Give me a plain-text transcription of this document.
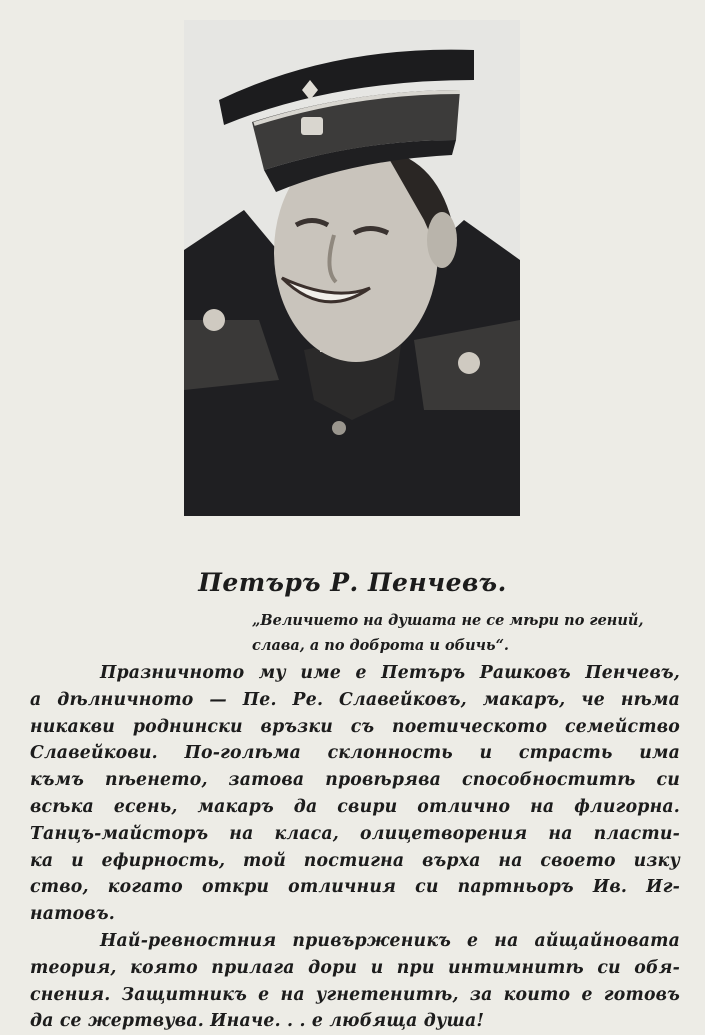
Петъръ Р. Пенчевъ.
„Величието на душата не се мѣри по гений,
слава, а по доброта и обичь“.
Празничното му име е Петъръ Рашковъ Пенчевъ,
а дѣлничното — Пе. Ре. Славейковъ, макаръ, че нѣма
никакви роднински връзки съ поетическото семейство
Славейкови. По-голѣма склонность и страсть има
къмъ пѣенето, затова провѣрява способноститѣ си
всѣка есень, макаръ да свири отлично на флигорна.
Танцъ-майсторъ на класа, олицетворения на пласти-
ка и ефирность, той постигна върха на своето изку
ство, когато откри отличния си партньоръ Ив. Иг-
натовъ.
Най-ревностния привърженикъ е на айщайновата
теория, която прилага дори и при интимнитѣ си обя-
снения. Защитникъ е на угнетенитѣ, за които е готовъ
да се жертвува. Иначе. . . е любяща душа!
